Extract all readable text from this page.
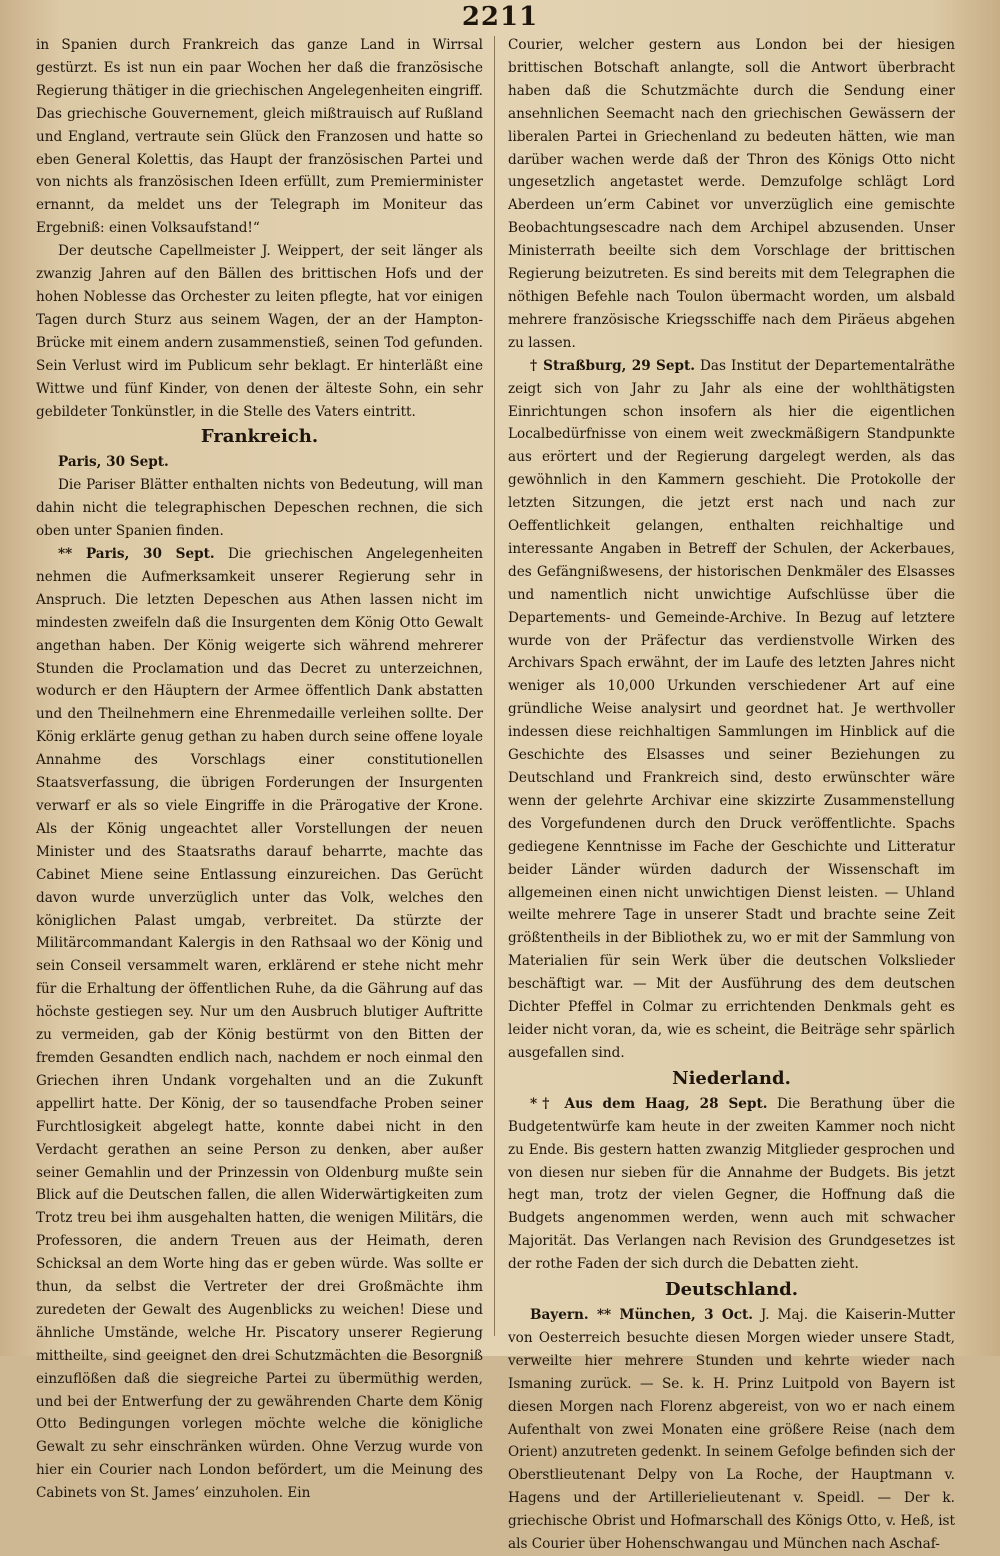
2211

in Spanien durch Frankreich das ganze Land in Wirrsal gestürzt. Es ist nun ein paar Wochen her daß die französische Regierung thätiger in die griechischen Angelegenheiten eingriff. Das griechische Gouvernement, gleich mißtrauisch auf Rußland und England, vertraute sein Glück den Franzosen und hatte so eben General Kolettis, das Haupt der französischen Partei und von nichts als französischen Ideen erfüllt, zum Premierminister ernannt, da meldet uns der Telegraph im Moniteur das Ergebniß: einen Volksaufstand!“

Der deutsche Capellmeister J. Weippert, der seit länger als zwanzig Jahren auf den Bällen des brittischen Hofs und der hohen Noblesse das Orchester zu leiten pflegte, hat vor einigen Tagen durch Sturz aus seinem Wagen, der an der Hampton-Brücke mit einem andern zusammenstieß, seinen Tod gefunden. Sein Verlust wird im Publicum sehr beklagt. Er hinterläßt eine Wittwe und fünf Kinder, von denen der älteste Sohn, ein sehr gebildeter Tonkünstler, in die Stelle des Vaters eintritt.

Frankreich.

Paris, 30 Sept.

Die Pariser Blätter enthalten nichts von Bedeutung, will man dahin nicht die telegraphischen Depeschen rechnen, die sich oben unter Spanien finden.

** Paris, 30 Sept. Die griechischen Angelegenheiten nehmen die Aufmerksamkeit unserer Regierung sehr in Anspruch. Die letzten Depeschen aus Athen lassen nicht im mindesten zweifeln daß die Insurgenten dem König Otto Gewalt angethan haben. Der König weigerte sich während mehrerer Stunden die Proclamation und das Decret zu unterzeichnen, wodurch er den Häuptern der Armee öffentlich Dank abstatten und den Theilnehmern eine Ehrenmedaille verleihen sollte. Der König erklärte genug gethan zu haben durch seine offene loyale Annahme des Vorschlags einer constitutionellen Staatsverfassung, die übrigen Forderungen der Insurgenten verwarf er als so viele Eingriffe in die Prärogative der Krone. Als der König ungeachtet aller Vorstellungen der neuen Minister und des Staatsraths darauf beharrte, machte das Cabinet Miene seine Entlassung einzureichen. Das Gerücht davon wurde unverzüglich unter das Volk, welches den königlichen Palast umgab, verbreitet. Da stürzte der Militärcommandant Kalergis in den Rathsaal wo der König und sein Conseil versammelt waren, erklärend er stehe nicht mehr für die Erhaltung der öffentlichen Ruhe, da die Gährung auf das höchste gestiegen sey. Nur um den Ausbruch blutiger Auftritte zu vermeiden, gab der König bestürmt von den Bitten der fremden Gesandten endlich nach, nachdem er noch einmal den Griechen ihren Undank vorgehalten und an die Zukunft appellirt hatte. Der König, der so tausendfache Proben seiner Furchtlosigkeit abgelegt hatte, konnte dabei nicht in den Verdacht gerathen an seine Person zu denken, aber außer seiner Gemahlin und der Prinzessin von Oldenburg mußte sein Blick auf die Deutschen fallen, die allen Widerwärtigkeiten zum Trotz treu bei ihm ausgehalten hatten, die wenigen Militärs, die Professoren, die andern Treuen aus der Heimath, deren Schicksal an dem Worte hing das er geben würde. Was sollte er thun, da selbst die Vertreter der drei Großmächte ihm zuredeten der Gewalt des Augenblicks zu weichen! Diese und ähnliche Umstände, welche Hr. Piscatory unserer Regierung mittheilte, sind geeignet den drei Schutzmächten die Besorgniß einzuflößen daß die siegreiche Partei zu übermüthig werden, und bei der Entwerfung der zu gewährenden Charte dem König Otto Bedingungen vorlegen möchte welche die königliche Gewalt zu sehr einschränken würden. Ohne Verzug wurde von hier ein Courier nach London befördert, um die Meinung des Cabinets von St. James’ einzuholen. Ein

Courier, welcher gestern aus London bei der hiesigen brittischen Botschaft anlangte, soll die Antwort überbracht haben daß die Schutzmächte durch die Sendung einer ansehnlichen Seemacht nach den griechischen Gewässern der liberalen Partei in Griechenland zu bedeuten hätten, wie man darüber wachen werde daß der Thron des Königs Otto nicht ungesetzlich angetastet werde. Demzufolge schlägt Lord Aberdeen un’erm Cabinet vor unverzüglich eine gemischte Beobachtungsescadre nach dem Archipel abzusenden. Unser Ministerrath beeilte sich dem Vorschlage der brittischen Regierung beizutreten. Es sind bereits mit dem Telegraphen die nöthigen Befehle nach Toulon übermacht worden, um alsbald mehrere französische Kriegsschiffe nach dem Piräeus abgehen zu lassen.

† Straßburg, 29 Sept. Das Institut der Departementalräthe zeigt sich von Jahr zu Jahr als eine der wohlthätigsten Einrichtungen schon insofern als hier die eigentlichen Localbedürfnisse von einem weit zweckmäßigern Standpunkte aus erörtert und der Regierung dargelegt werden, als das gewöhnlich in den Kammern geschieht. Die Protokolle der letzten Sitzungen, die jetzt erst nach und nach zur Oeffentlichkeit gelangen, enthalten reichhaltige und interessante Angaben in Betreff der Schulen, der Ackerbaues, des Gefängnißwesens, der historischen Denkmäler des Elsasses und namentlich nicht unwichtige Aufschlüsse über die Departements- und Gemeinde-Archive. In Bezug auf letztere wurde von der Präfectur das verdienstvolle Wirken des Archivars Spach erwähnt, der im Laufe des letzten Jahres nicht weniger als 10,000 Urkunden verschiedener Art auf eine gründliche Weise analysirt und geordnet hat. Je werthvoller indessen diese reichhaltigen Sammlungen im Hinblick auf die Geschichte des Elsasses und seiner Beziehungen zu Deutschland und Frankreich sind, desto erwünschter wäre wenn der gelehrte Archivar eine skizzirte Zusammenstellung des Vorgefundenen durch den Druck veröffentlichte. Spachs gediegene Kenntnisse im Fache der Geschichte und Litteratur beider Länder würden dadurch der Wissenschaft im allgemeinen einen nicht unwichtigen Dienst leisten. — Uhland weilte mehrere Tage in unserer Stadt und brachte seine Zeit größtentheils in der Bibliothek zu, wo er mit der Sammlung von Materialien für sein Werk über die deutschen Volkslieder beschäftigt war. — Mit der Ausführung des dem deutschen Dichter Pfeffel in Colmar zu errichtenden Denkmals geht es leider nicht voran, da, wie es scheint, die Beiträge sehr spärlich ausgefallen sind.

Niederland.

*† Aus dem Haag, 28 Sept. Die Berathung über die Budgetentwürfe kam heute in der zweiten Kammer noch nicht zu Ende. Bis gestern hatten zwanzig Mitglieder gesprochen und von diesen nur sieben für die Annahme der Budgets. Bis jetzt hegt man, trotz der vielen Gegner, die Hoffnung daß die Budgets angenommen werden, wenn auch mit schwacher Majorität. Das Verlangen nach Revision des Grundgesetzes ist der rothe Faden der sich durch die Debatten zieht.

Deutschland.

Bayern. ** München, 3 Oct. J. Maj. die Kaiserin-Mutter von Oesterreich besuchte diesen Morgen wieder unsere Stadt, verweilte hier mehrere Stunden und kehrte wieder nach Ismaning zurück. — Se. k. H. Prinz Luitpold von Bayern ist diesen Morgen nach Florenz abgereist, von wo er nach einem Aufenthalt von zwei Monaten eine größere Reise (nach dem Orient) anzutreten gedenkt. In seinem Gefolge befinden sich der Oberstlieutenant Delpy von La Roche, der Hauptmann v. Hagens und der Artillerielieutenant v. Speidl. — Der k. griechische Obrist und Hofmarschall des Königs Otto, v. Heß, ist als Courier über Hohenschwangau und München nach Aschaf-
